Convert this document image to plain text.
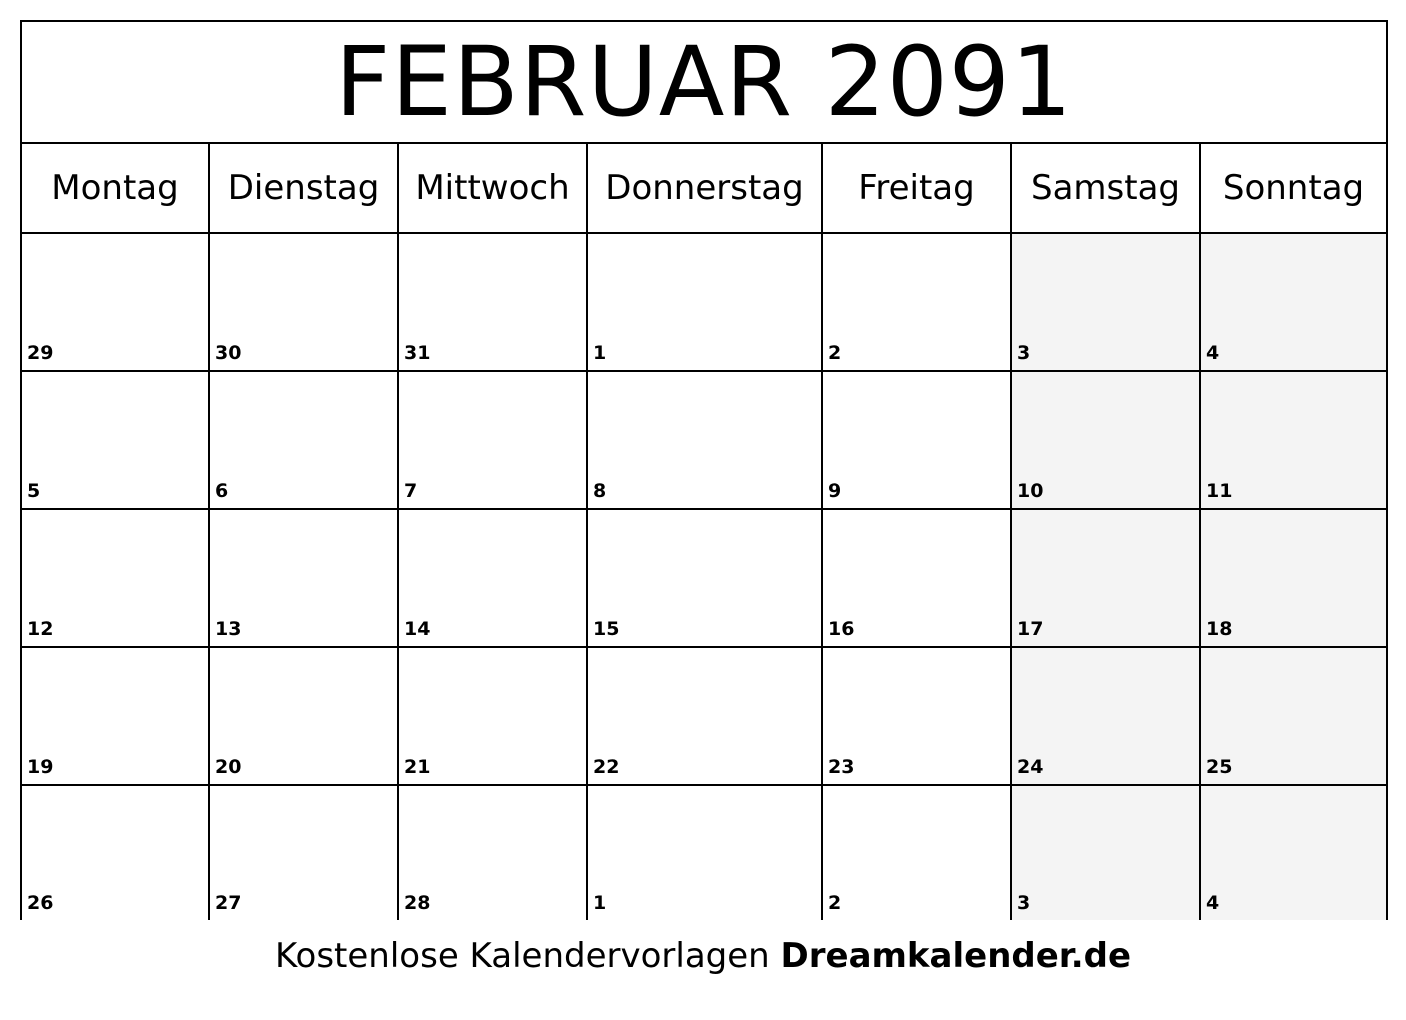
FEBRUAR 2091
Montag	Dienstag	Mittwoch	Donnerstag	Freitag	Samstag	Sonntag
29	30	31	1	2	3	4
5	6	7	8	9	10	11
12	13	14	15	16	17	18
19	20	21	22	23	24	25
26	27	28	1	2	3	4
Kostenlose Kalendervorlagen Dreamkalender.de
